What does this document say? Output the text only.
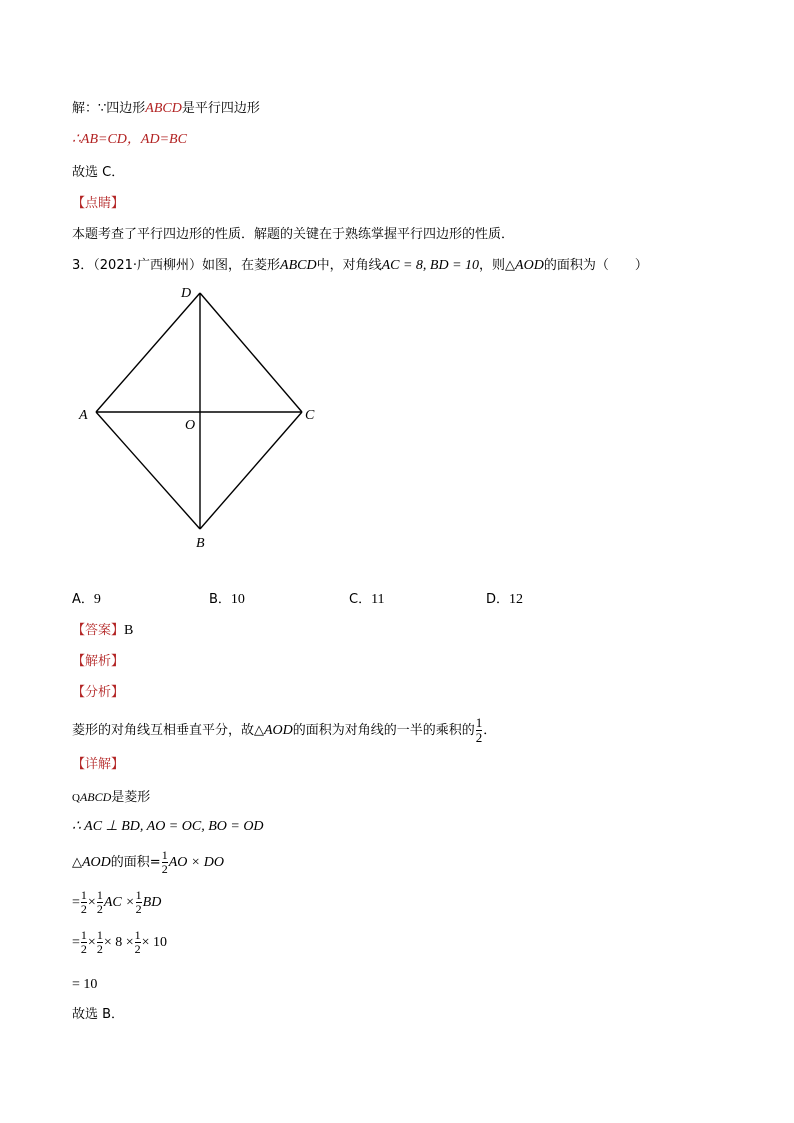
解：∵四边形ABCD是平行四边形
∴AB=CD，AD=BC
故选 C．
【点睛】
本题考查了平行四边形的性质．解题的关键在于熟练掌握平行四边形的性质．
3．（2021·广西柳州）如图，在菱形ABCD中，对角线AC = 8, BD = 10，则△AOD的面积为（　　）
D
A
O
C
B
A．9	B．10	C．11	D．12
【答案】B
【解析】
【分析】
菱形的对角线互相垂直平分，故△AOD的面积为对角线的一半的乘积的 $\frac{1}{2}$ ．
【详解】
QABCD是菱形
∴ AC ⊥ BD, AO = OC, BO = OD
△AOD的面积= $\frac{1}{2}$ AO × DO
= $\frac{1}{2} \times \frac{1}{2}$ AC × $\frac{1}{2}$ BD
= $\frac{1}{2} \times \frac{1}{2} \times 8 \times \frac{1}{2} \times 10$
= 10
故选 B．
